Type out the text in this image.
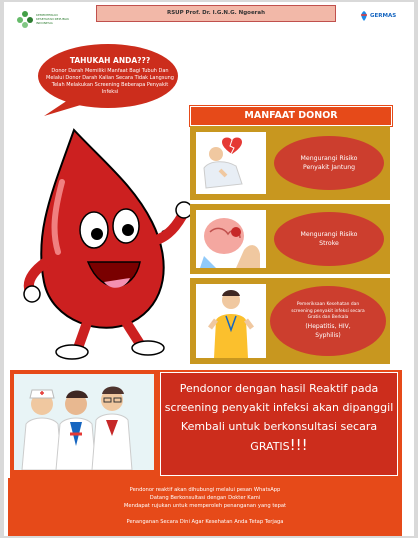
KEMENTERIAN KESEHATAN REPUBLIK INDONESIA
RSUP Prof. Dr. I.G.N.G. Ngoerah	GERMAS
TAHUKAH ANDA???
Donor Darah Memiliki Manfaat Bagi Tubuh Dan Melalui Donor Darah Kalian Secara Tidak Langsung Telah Melakukan Screening Beberapa Penyakit Infeksi
MANFAAT DONOR
Mengurangi Risiko Penyakit Jantung
Mengurangi Risiko Stroke
Pemeriksaan Kesehatan dan screening penyakit infeksi secara Gratis dan Berkala
(Hepatitis, HIV, Syphilis)
Pendonor dengan hasil Reaktif pada screening penyakit infeksi akan dipanggil Kembali untuk berkonsultasi secara GRATIS!!!
Pendonor reaktif akan dihubungi melalui pesan WhatsApp
Datang Berkonsultasi dengan Dokter Kami
Mendapat rujukan untuk memperoleh penanganan yang tepat
Penanganan Secara Dini Agar Kesehatan Anda Tetap Terjaga
